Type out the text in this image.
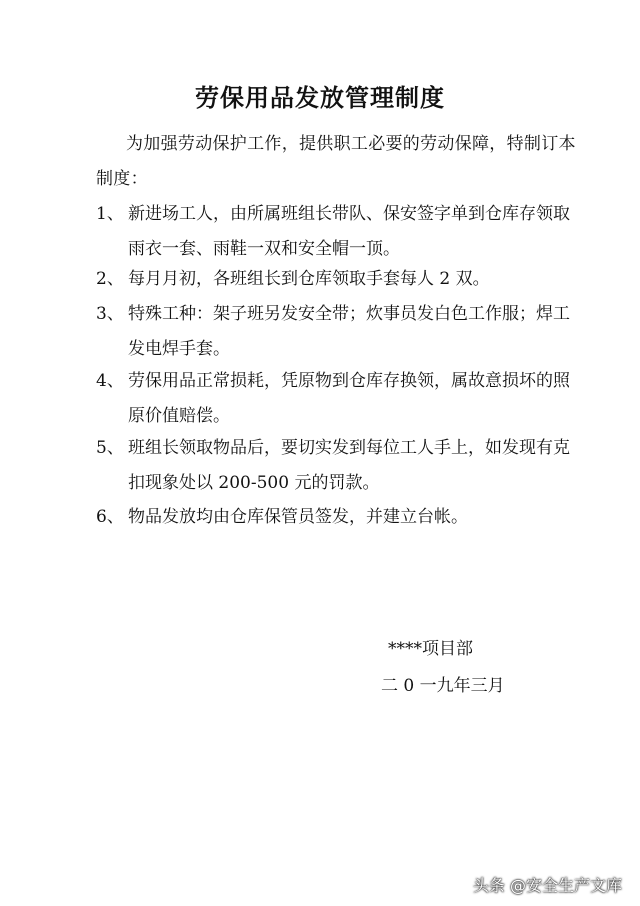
劳保用品发放管理制度
为加强劳动保护工作，提供职工必要的劳动保障，特制订本
制度：
1、 新进场工人，由所属班组长带队、保安签字单到仓库存领取
雨衣一套、雨鞋一双和安全帽一顶。
2、 每月月初，各班组长到仓库领取手套每人 2 双。
3、 特殊工种：架子班另发安全带；炊事员发白色工作服；焊工
发电焊手套。
4、 劳保用品正常损耗，凭原物到仓库存换领，属故意损坏的照
原价值赔偿。
5、 班组长领取物品后，要切实发到每位工人手上，如发现有克
扣现象处以 200-500 元的罚款。
6、 物品发放均由仓库保管员签发，并建立台帐。
****项目部
二 0 一九年三月
头条 @安全生产文库
